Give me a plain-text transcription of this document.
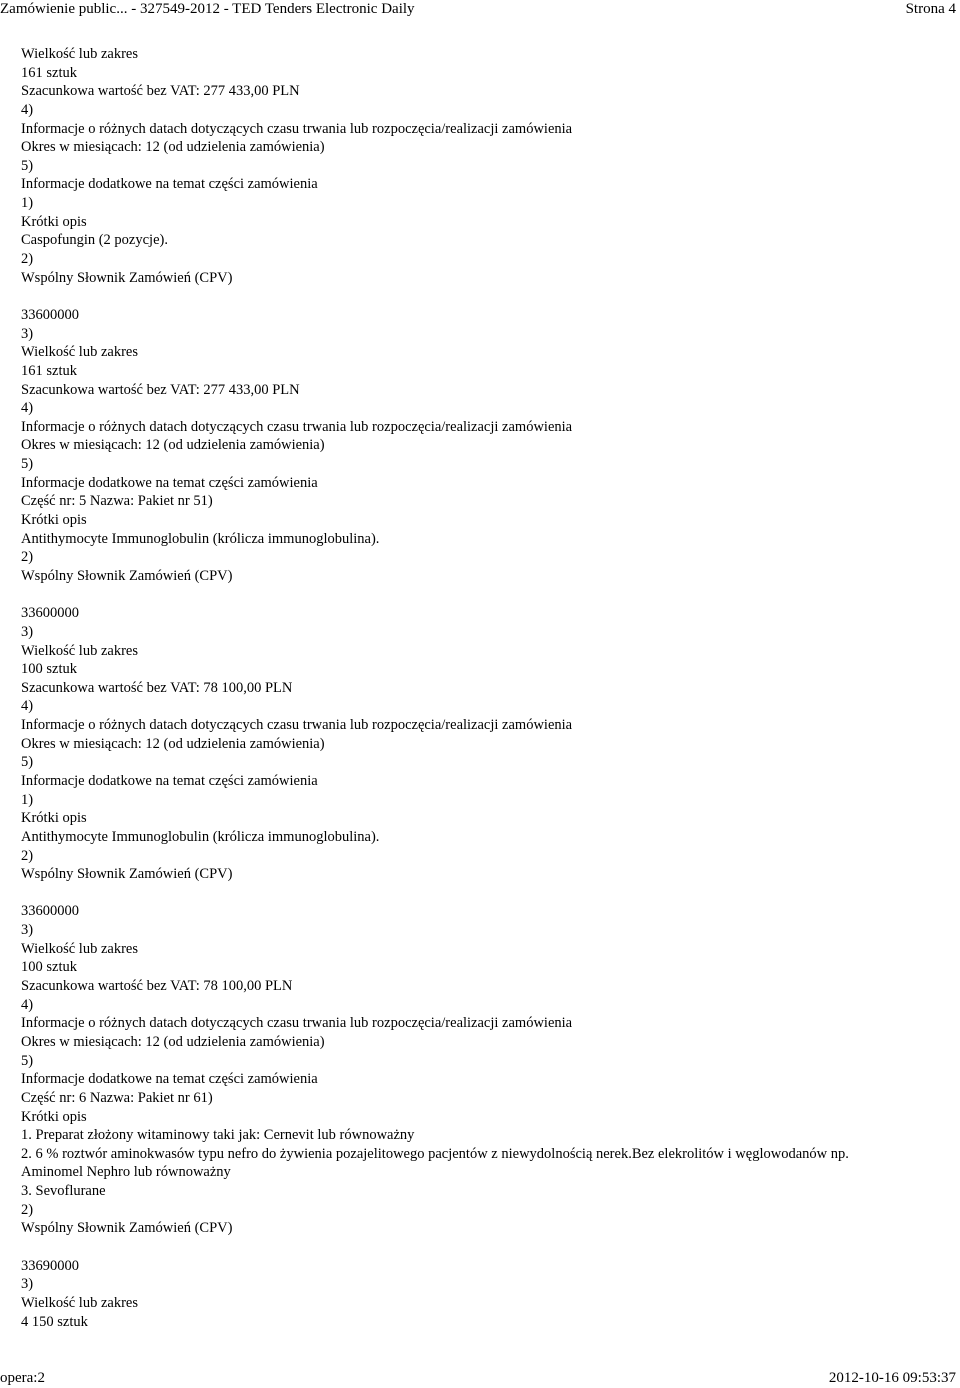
Zamówienie public... - 327549-2012 - TED Tenders Electronic Daily	Strona 4
Wielkość lub zakres
161 sztuk
Szacunkowa wartość bez VAT: 277 433,00 PLN
4)
Informacje o różnych datach dotyczących czasu trwania lub rozpoczęcia/realizacji zamówienia
Okres w miesiącach: 12 (od udzielenia zamówienia)
5)
Informacje dodatkowe na temat części zamówienia
1)
Krótki opis
Caspofungin (2 pozycje).
2)
Wspólny Słownik Zamówień (CPV)
33600000
3)
Wielkość lub zakres
161 sztuk
Szacunkowa wartość bez VAT: 277 433,00 PLN
4)
Informacje o różnych datach dotyczących czasu trwania lub rozpoczęcia/realizacji zamówienia
Okres w miesiącach: 12 (od udzielenia zamówienia)
5)
Informacje dodatkowe na temat części zamówienia
Część nr: 5 Nazwa: Pakiet nr 51)
Krótki opis
Antithymocyte Immunoglobulin (królicza immunoglobulina).
2)
Wspólny Słownik Zamówień (CPV)
33600000
3)
Wielkość lub zakres
100 sztuk
Szacunkowa wartość bez VAT: 78 100,00 PLN
4)
Informacje o różnych datach dotyczących czasu trwania lub rozpoczęcia/realizacji zamówienia
Okres w miesiącach: 12 (od udzielenia zamówienia)
5)
Informacje dodatkowe na temat części zamówienia
1)
Krótki opis
Antithymocyte Immunoglobulin (królicza immunoglobulina).
2)
Wspólny Słownik Zamówień (CPV)
33600000
3)
Wielkość lub zakres
100 sztuk
Szacunkowa wartość bez VAT: 78 100,00 PLN
4)
Informacje o różnych datach dotyczących czasu trwania lub rozpoczęcia/realizacji zamówienia
Okres w miesiącach: 12 (od udzielenia zamówienia)
5)
Informacje dodatkowe na temat części zamówienia
Część nr: 6 Nazwa: Pakiet nr 61)
Krótki opis
1. Preparat złożony witaminowy taki jak: Cernevit lub równoważny
2. 6 % roztwór aminokwasów typu nefro do żywienia pozajelitowego pacjentów z niewydolnością nerek.Bez elekrolitów i węglowodanów np.
Aminomel Nephro lub równoważny
3. Sevoflurane
2)
Wspólny Słownik Zamówień (CPV)
33690000
3)
Wielkość lub zakres
4 150 sztuk
opera:2	2012-10-16 09:53:37
